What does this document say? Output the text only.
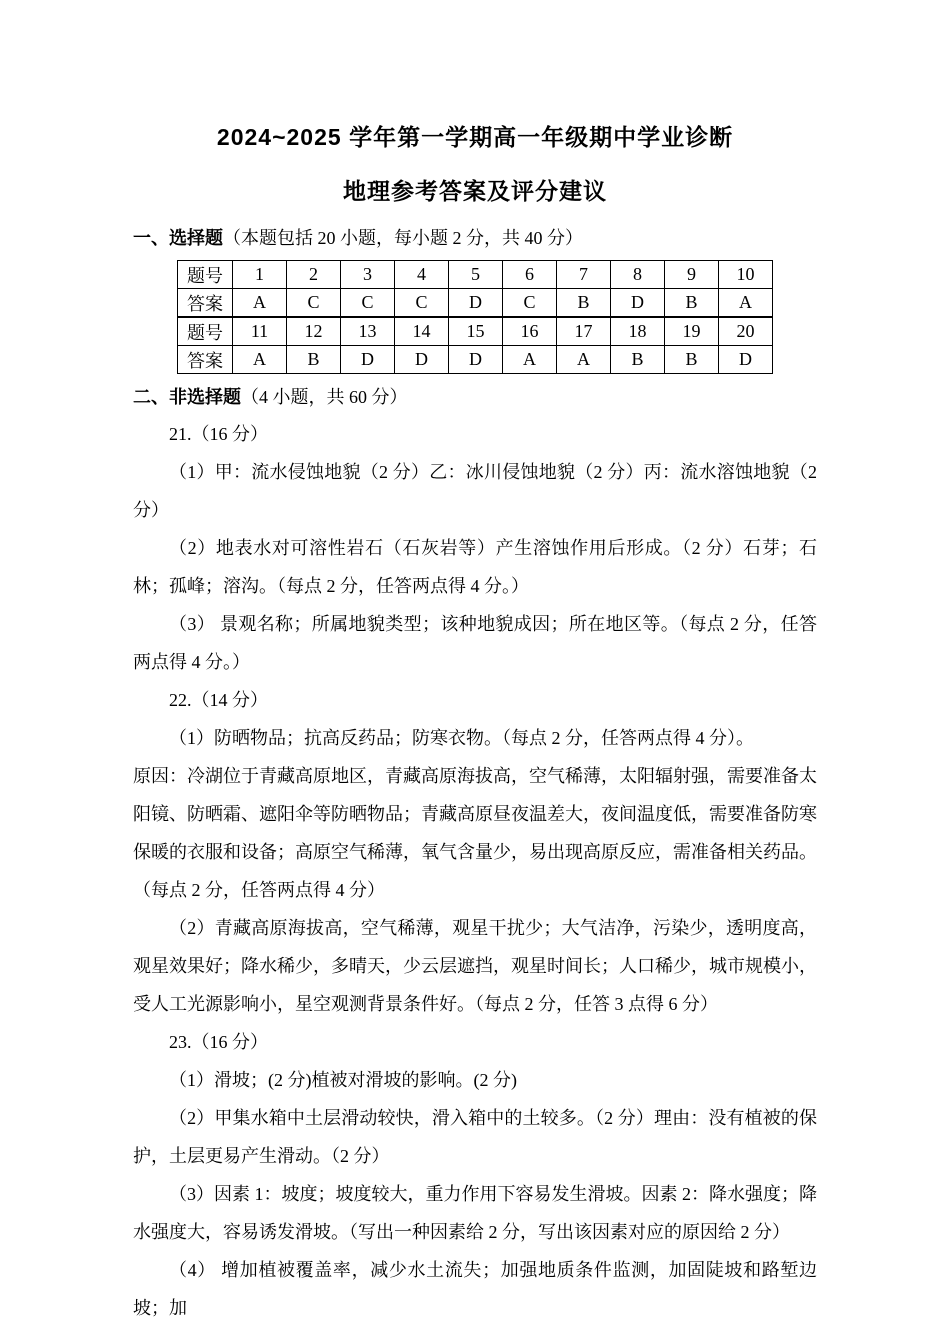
2024~2025 学年第一学期高一年级期中学业诊断
地理参考答案及评分建议

一、选择题（本题包括 20 小题，每小题 2 分，共 40 分）

题号	1	2	3	4	5	6	7	8	9	10
答案	A	C	C	C	D	C	B	D	B	A
题号	11	12	13	14	15	16	17	18	19	20
答案	A	B	D	D	D	A	A	B	B	D

二、非选择题（4 小题，共 60 分）

21.（16 分）

（1）甲：流水侵蚀地貌（2 分）乙：冰川侵蚀地貌（2 分）丙：流水溶蚀地貌（2 分）

（2）地表水对可溶性岩石（石灰岩等）产生溶蚀作用后形成。（2 分）石芽；石林；孤峰；溶沟。（每点 2 分，任答两点得 4 分。）

（3） 景观名称；所属地貌类型；该种地貌成因；所在地区等。（每点 2 分，任答两点得 4 分。）

22.（14 分）

（1）防晒物品；抗高反药品；防寒衣物。（每点 2 分，任答两点得 4 分）。

原因：冷湖位于青藏高原地区，青藏高原海拔高，空气稀薄，太阳辐射强，需要准备太阳镜、防晒霜、遮阳伞等防晒物品；青藏高原昼夜温差大，夜间温度低，需要准备防寒保暖的衣服和设备；高原空气稀薄，氧气含量少，易出现高原反应，需准备相关药品。（每点 2 分，任答两点得 4 分）

（2）青藏高原海拔高，空气稀薄，观星干扰少；大气洁净，污染少，透明度高，观星效果好；降水稀少，多晴天，少云层遮挡，观星时间长；人口稀少，城市规模小，受人工光源影响小，星空观测背景条件好。（每点 2 分，任答 3 点得 6 分）

23.（16 分）

（1）滑坡；(2 分)植被对滑坡的影响。(2 分)

（2）甲集水箱中土层滑动较快，滑入箱中的土较多。（2 分）理由：没有植被的保护，土层更易产生滑动。（2 分）

（3）因素 1：坡度；坡度较大，重力作用下容易发生滑坡。因素 2：降水强度；降水强度大，容易诱发滑坡。（写出一种因素给 2 分，写出该因素对应的原因给 2 分）

（4） 增加植被覆盖率，减少水土流失；加强地质条件监测，加固陡坡和路堑边坡；加
